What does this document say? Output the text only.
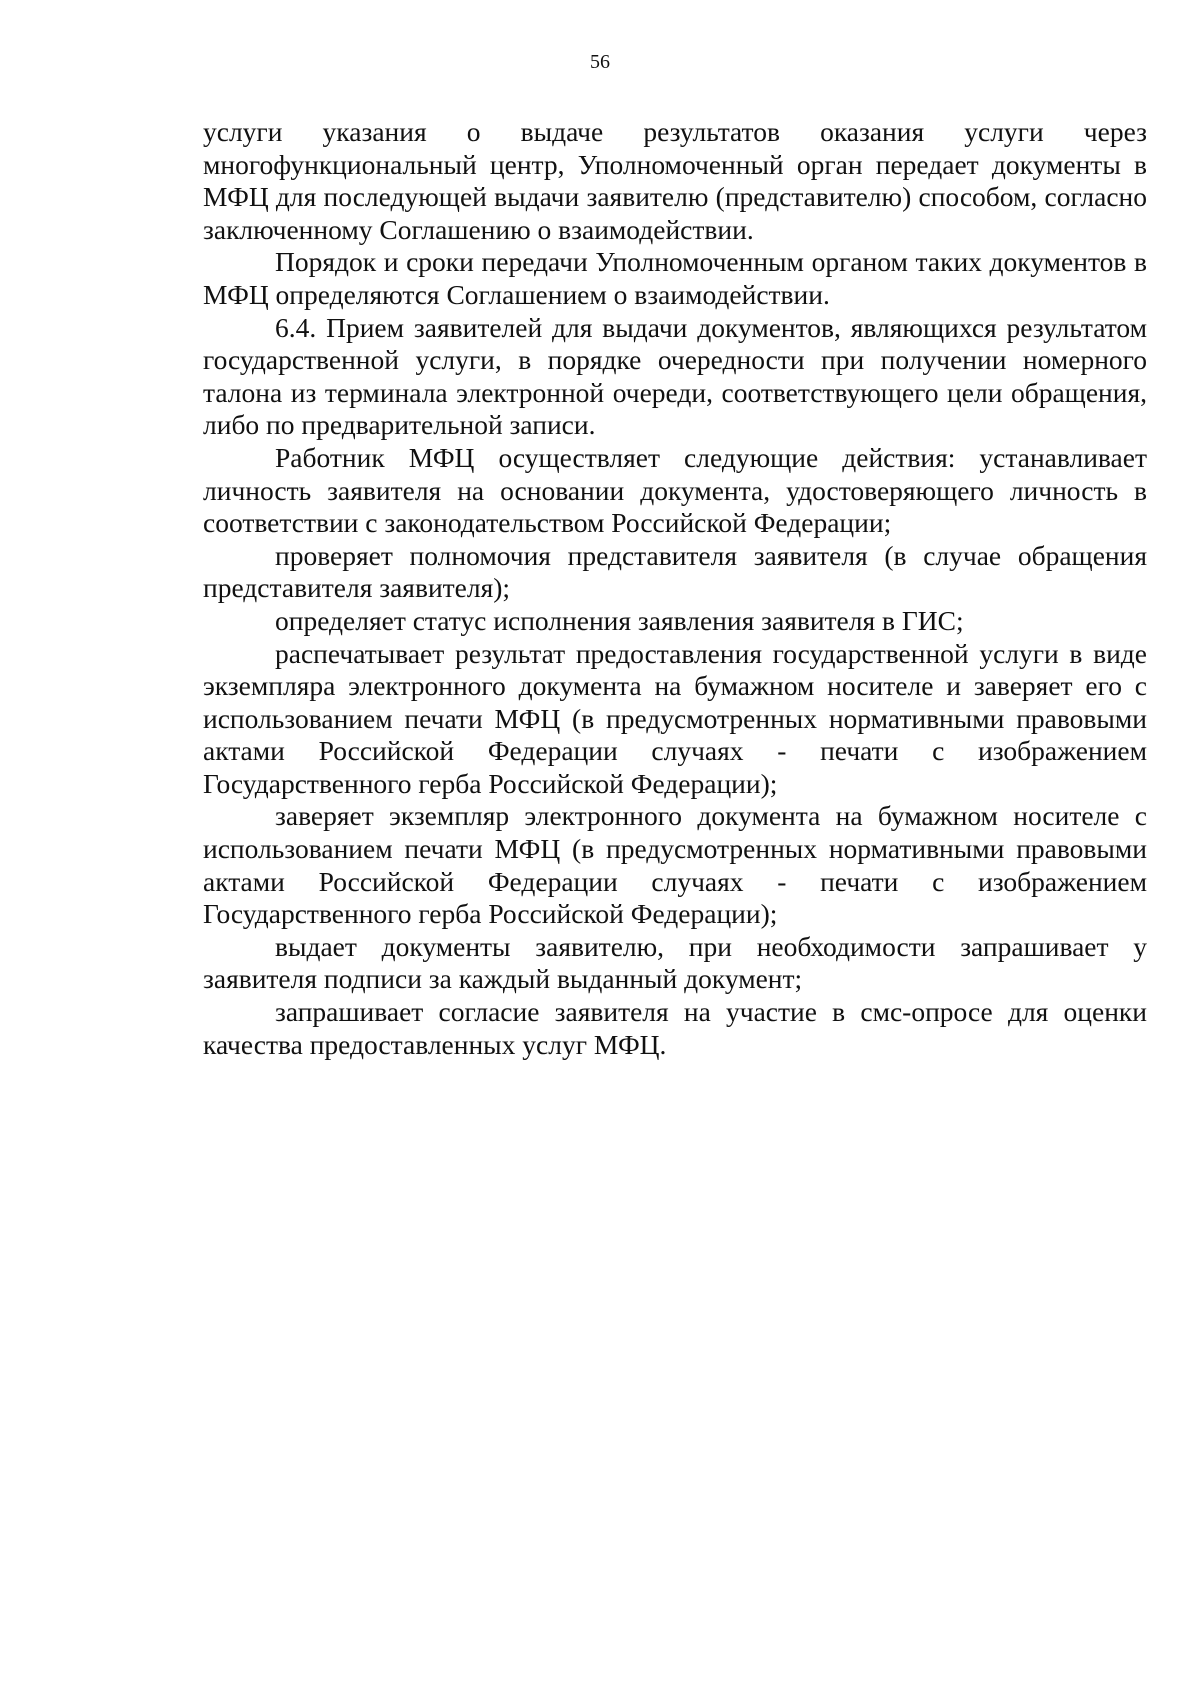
56

услуги указания о выдаче результатов оказания услуги через многофункциональный центр, Уполномоченный орган передает документы в МФЦ для последующей выдачи заявителю (представителю) способом, согласно заключенному Соглашению о взаимодействии.

Порядок и сроки передачи Уполномоченным органом таких документов в МФЦ определяются Соглашением о взаимодействии.

6.4. Прием заявителей для выдачи документов, являющихся результатом государственной услуги, в порядке очередности при получении номерного талона из терминала электронной очереди, соответствующего цели обращения, либо по предварительной записи.

Работник МФЦ осуществляет следующие действия: устанавливает личность заявителя на основании документа, удостоверяющего личность в соответствии с законодательством Российской Федерации;

проверяет полномочия представителя заявителя (в случае обращения представителя заявителя);

определяет статус исполнения заявления заявителя в ГИС;

распечатывает результат предоставления государственной услуги в виде экземпляра электронного документа на бумажном носителе и заверяет его с использованием печати МФЦ (в предусмотренных нормативными правовыми актами Российской Федерации случаях - печати с изображением Государственного герба Российской Федерации);

заверяет экземпляр электронного документа на бумажном носителе с использованием печати МФЦ (в предусмотренных нормативными правовыми актами Российской Федерации случаях - печати с изображением Государственного герба Российской Федерации);

выдает документы заявителю, при необходимости запрашивает у заявителя подписи за каждый выданный документ;

запрашивает согласие заявителя на участие в смс-опросе для оценки качества предоставленных услуг МФЦ.
